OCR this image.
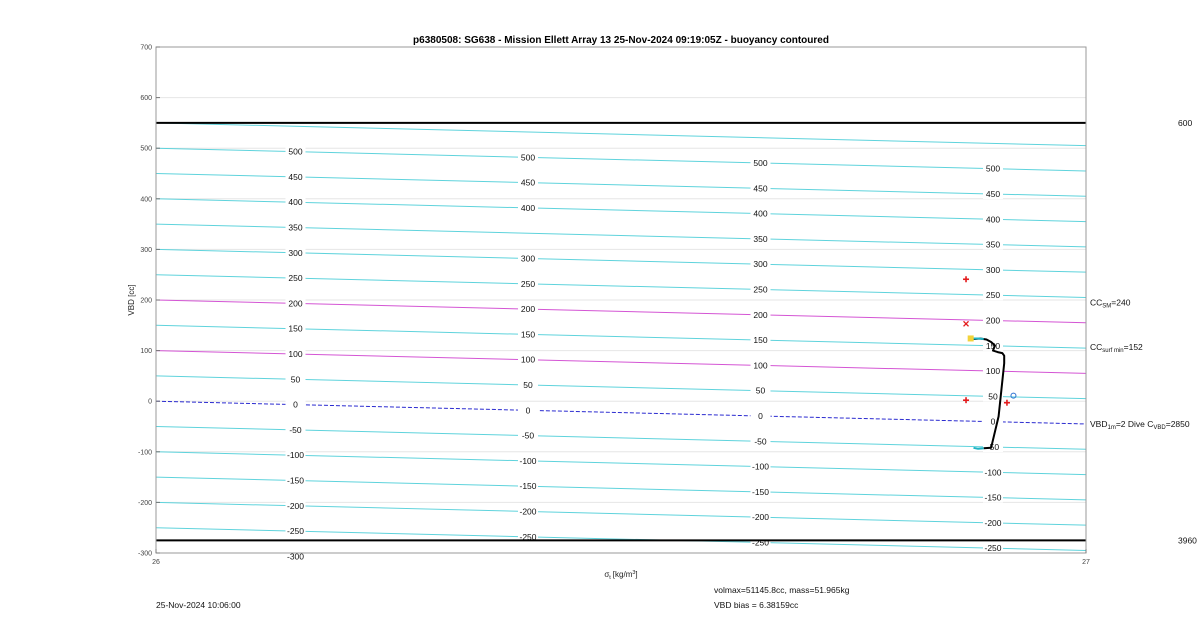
p6380508: SG638 - Mission Ellett Array 13 25-Nov-2024 09:19:05Z - buoyancy contoured
500
450
400
350
300
250
200
150
100
50
0
-50
-100
-150
-200
-250
-300
500
450
400
300
250
200
150
100
50
0
-50
-100
-150
-200
-250
500
450
400
350
300
250
200
150
100
50
0
-50
-100
-150
-200
-250
500
450
400
350
300
250
200
150
100
50
0
-50
-100
-150
-200
-250
600
3960
700
600
500
400
300
200
100
0
-100
-200
-300
26	27
$CC_{SM}=240$
$CC_{surf min}=152$
$VBD_{1m}=2$ Dive $C_{VBD}=2850$
VBD [cc]
$\sigma_t$ $[kg/m^3]$
25-Nov-2024 10:06:00
volmax=51145.8cc, mass=51.965kg
VBD bias = 6.38159cc
